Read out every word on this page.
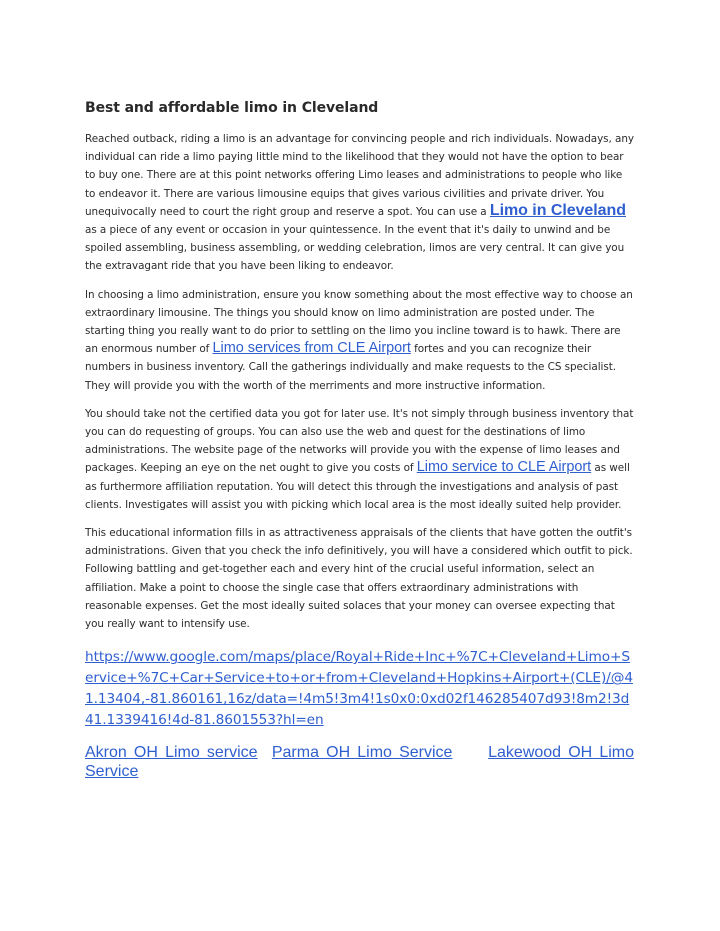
Best and affordable limo in Cleveland

Reached outback, riding a limo is an advantage for convincing people and rich individuals. Nowadays, any individual can ride a limo paying little mind to the likelihood that they would not have the option to bear to buy one. There are at this point networks offering Limo leases and administrations to people who like to endeavor it. There are various limousine equips that gives various civilities and private driver. You unequivocally need to court the right group and reserve a spot. You can use a Limo in Cleveland as a piece of any event or occasion in your quintessence. In the event that it's daily to unwind and be spoiled assembling, business assembling, or wedding celebration, limos are very central. It can give you the extravagant ride that you have been liking to endeavor.

In choosing a limo administration, ensure you know something about the most effective way to choose an extraordinary limousine. The things you should know on limo administration are posted under. The starting thing you really want to do prior to settling on the limo you incline toward is to hawk. There are an enormous number of Limo services from CLE Airport fortes and you can recognize their numbers in business inventory. Call the gatherings individually and make requests to the CS specialist. They will provide you with the worth of the merriments and more instructive information.

You should take not the certified data you got for later use. It's not simply through business inventory that you can do requesting of groups. You can also use the web and quest for the destinations of limo administrations. The website page of the networks will provide you with the expense of limo leases and packages. Keeping an eye on the net ought to give you costs of Limo service to CLE Airport as well as furthermore affiliation reputation. You will detect this through the investigations and analysis of past clients. Investigates will assist you with picking which local area is the most ideally suited help provider.

This educational information fills in as attractiveness appraisals of the clients that have gotten the outfit's administrations. Given that you check the info definitively, you will have a considered which outfit to pick. Following battling and get-together each and every hint of the crucial useful information, select an affiliation. Make a point to choose the single case that offers extraordinary administrations with reasonable expenses. Get the most ideally suited solaces that your money can oversee expecting that you really want to intensify use.

https://www.google.com/maps/place/Royal+Ride+Inc+%7C+Cleveland+Limo+Service+%7C+Car+Service+to+or+from+Cleveland+Hopkins+Airport+(CLE)/@41.13404,-81.860161,16z/data=!4m5!3m4!1s0x0:0xd02f146285407d93!8m2!3d41.1339416!4d-81.8601553?hl=en
Akron OH Limo service Parma OH Limo Service Lakewood OH Limo Service
